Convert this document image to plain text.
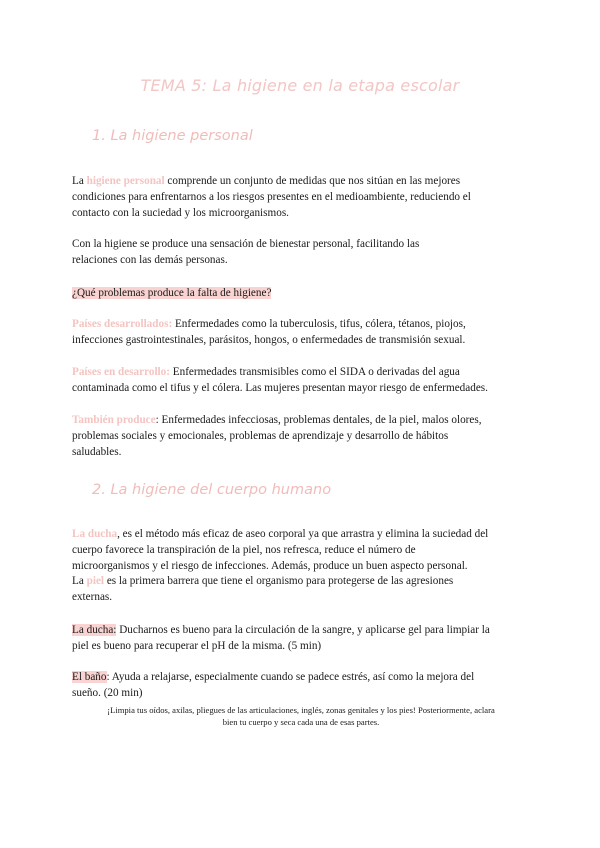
TEMA 5: La higiene en la etapa escolar
1. La higiene personal
La higiene personal comprende un conjunto de medidas que nos sitúan en las mejores
condiciones para enfrentarnos a los riesgos presentes en el medioambiente, reduciendo el
contacto con la suciedad y los microorganismos.
Con la higiene se produce una sensación de bienestar personal, facilitando las
relaciones con las demás personas.
¿Qué problemas produce la falta de higiene?
Países desarrollados: Enfermedades como la tuberculosis, tifus, cólera, tétanos, piojos,
infecciones gastrointestinales, parásitos, hongos, o enfermedades de transmisión sexual.
Países en desarrollo: Enfermedades transmisibles como el SIDA o derivadas del agua
contaminada como el tifus y el cólera. Las mujeres presentan mayor riesgo de enfermedades.
También produce: Enfermedades infecciosas, problemas dentales, de la piel, malos olores,
problemas sociales y emocionales, problemas de aprendizaje y desarrollo de hábitos
saludables.
2. La higiene del cuerpo humano
La ducha, es el método más eficaz de aseo corporal ya que arrastra y elimina la suciedad del
cuerpo favorece la transpiración de la piel, nos refresca, reduce el número de
microorganismos y el riesgo de infecciones. Además, produce un buen aspecto personal.
La piel es la primera barrera que tiene el organismo para protegerse de las agresiones
externas.
La ducha: Ducharnos es bueno para la circulación de la sangre, y aplicarse gel para limpiar la
piel es bueno para recuperar el pH de la misma. (5 min)
El baño: Ayuda a relajarse, especialmente cuando se padece estrés, así como la mejora del
sueño. (20 min)
¡Limpia tus oídos, axilas, pliegues de las articulaciones, inglés, zonas genitales y los pies! Posteriormente, aclara
bien tu cuerpo y seca cada una de esas partes.
